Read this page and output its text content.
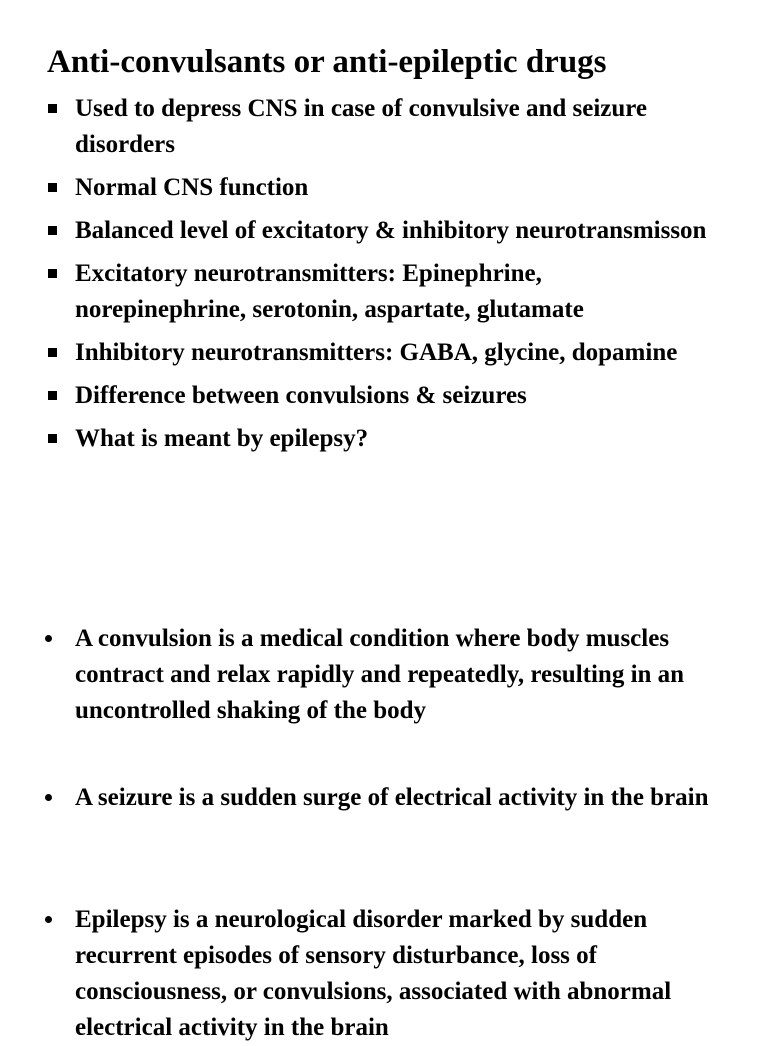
Anti-convulsants or anti-epileptic drugs
Used to depress CNS in case of convulsive and seizure disorders
Normal CNS function
Balanced level of excitatory & inhibitory neurotransmisson
Excitatory neurotransmitters: Epinephrine, norepinephrine, serotonin, aspartate, glutamate
Inhibitory neurotransmitters: GABA, glycine, dopamine
Difference between convulsions & seizures
What is meant by epilepsy?
A convulsion is a medical condition where body muscles contract and relax rapidly and repeatedly, resulting in an uncontrolled shaking of the body
A seizure is a sudden surge of electrical activity in the brain
Epilepsy is a neurological disorder marked by sudden recurrent episodes of sensory disturbance, loss of consciousness, or convulsions, associated with abnormal electrical activity in the brain
